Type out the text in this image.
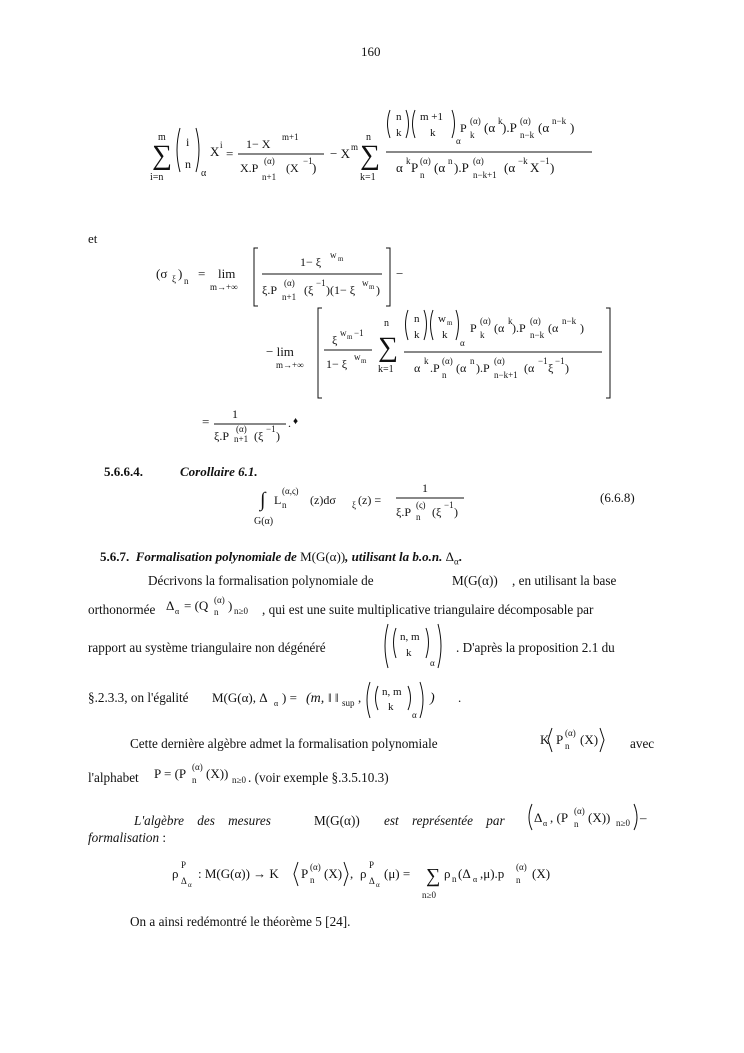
160
m
∑
i=n
i
n
α
X i
=
1− X m+1
X.P (α)
n+1
(X −1 )
− X m
n
∑
k=1
n
k
m +1
k
α
P (α)
k (α k ).P (α)
n−k (α n−k )
α k P (α)
n (α n ).P (α)
n−k+1 (α −k X −1 )
et
(σ ξ ) n = lim
m→+∞
1− ξ w m
ξ.P (α)
n+1 (ξ −1 )(1− ξ w m )
−
− lim
m→+∞
ξ w m −1
1− ξ w m
n
∑
k=1
n
k
w m
k
α
P (α)
k (α k ).P (α)
n−k (α n−k )
α k .P (α)
n (α n ).P (α)
n−k+1 (α −1 ξ −1 )
= 1
ξ.P (α)
n+1 (ξ −1 )
. ♦
5.6.6.4.	Corollaire 6.1.
∫
G(α)
L
(α,ς)
n (z)dσ ξ (z) =
1
ξ.P (ς)
n (ξ −1 )
(6.6.8)
5.6.7. Formalisation polynomiale de M(G(α)), utilisant la b.o.n. $\Delta_\alpha$.
Décrivons la formalisation polynomiale de	M(G(α)) , en utilisant la base
orthonormée Δ α = (Q (α)
n ) n≥0 , qui est une suite multiplicative triangulaire décomposable par
rapport au système triangulaire non dégénéré
n, m
k
α
. D'après la proposition 2.1 du
§.2.3.3, on l'égalité M(G(α), Δ α ) = (m, ‖ ‖ sup , n, m
k
α
) .
Cette dernière algèbre admet la formalisation polynomiale	K P (α)
n (X) avec
l'alphabet P = (P (α)
n (X)) n≥0 . (voir exemple §.3.5.10.3)
L'algèbre des mesures	M(G(α)) est représentée par Δ α , (P (α)
n (X)) n≥0 –
formalisation :
ρ
P
Δ α
: M(G(α)) → K P (α)
n (X) , ρ
P
Δ α
(μ) = ∑
n≥0
ρ n (Δ α ,μ).p (α)
n (X)
On a ainsi redémontré le théorème 5 [24].
